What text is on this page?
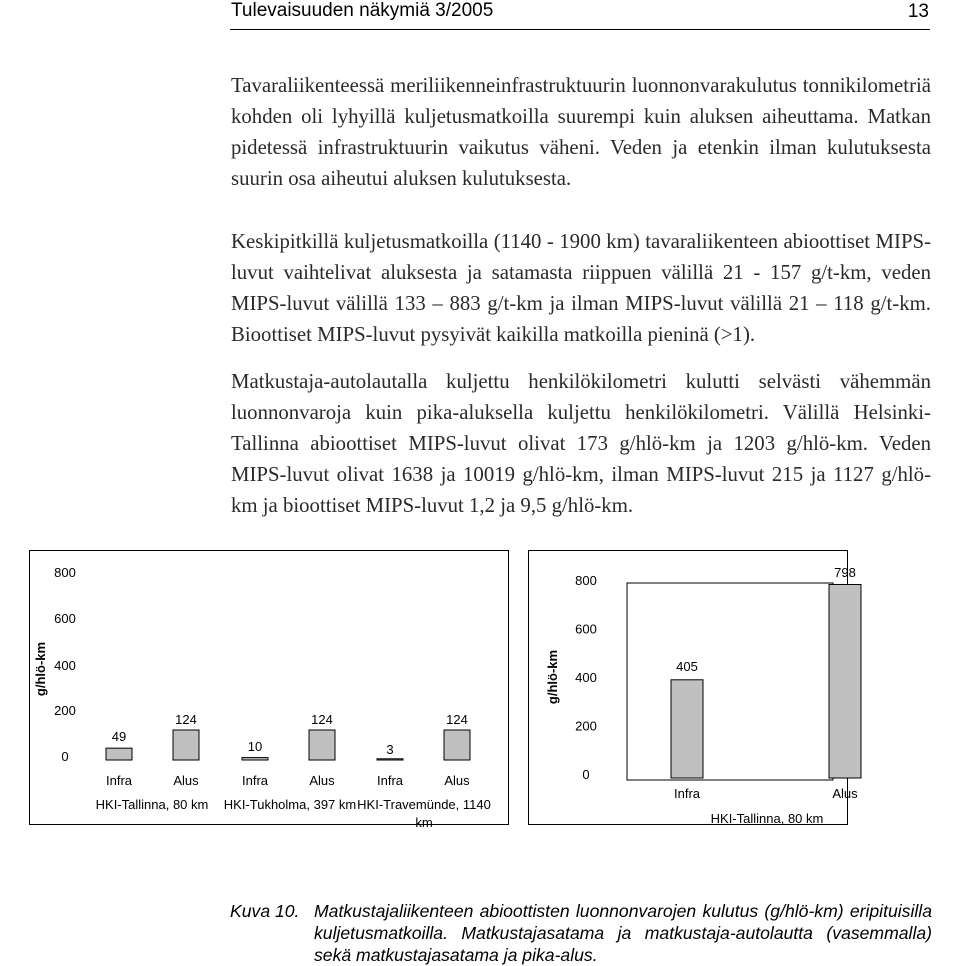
Tulevaisuuden näkymiä 3/2005	13

Tavaraliikenteessä meriliikenneinfrastruktuurin luonnonvarakulutus tonnikilometriä kohden oli lyhyillä kuljetusmatkoilla suurempi kuin aluksen aiheuttama. Matkan pidetessä infrastruktuurin vaikutus väheni. Veden ja etenkin ilman kulutuksesta suurin osa aiheutui aluksen kulutuksesta.

Keskipitkillä kuljetusmatkoilla (1140 - 1900 km) tavaraliikenteen abioottiset MIPS-luvut vaihtelivat aluksesta ja satamasta riippuen välillä 21 - 157 g/t-km, veden MIPS-luvut välillä 133 – 883 g/t-km ja ilman MIPS-luvut välillä 21 – 118 g/t-km. Bioottiset MIPS-luvut pysyivät kaikilla matkoilla pieninä (>1).

Matkustaja-autolautalla kuljettu henkilökilometri kulutti selvästi vähemmän luonnonvaroja kuin pika-aluksella kuljettu henkilökilometri. Välillä Helsinki-Tallinna abioottiset MIPS-luvut olivat 173 g/hlö-km ja 1203 g/hlö-km. Veden MIPS-luvut olivat 1638 ja 10019 g/hlö-km, ilman MIPS-luvut 215 ja 1127 g/hlö-km ja bioottiset MIPS-luvut 1,2 ja 9,5 g/hlö-km.

g/hlö-km
0
200
400
600
800
49
124
10
124
3
124
Infra	Alus	Infra	Alus	Infra	Alus
HKI-Tallinna, 80 km HKI-Tukholma, 397 km HKI-Travemünde, 1140 km
g/hlö-km
0
200
400
600
800
405
798
Infra	Alus
HKI-Tallinna, 80 km
Kuva 10. Matkustajaliikenteen abioottisten luonnonvarojen kulutus (g/hlö-km) eripituisilla kuljetusmatkoilla. Matkustajasatama ja matkustaja-autolautta (vasemmalla) sekä matkustajasatama ja pika-alus.
